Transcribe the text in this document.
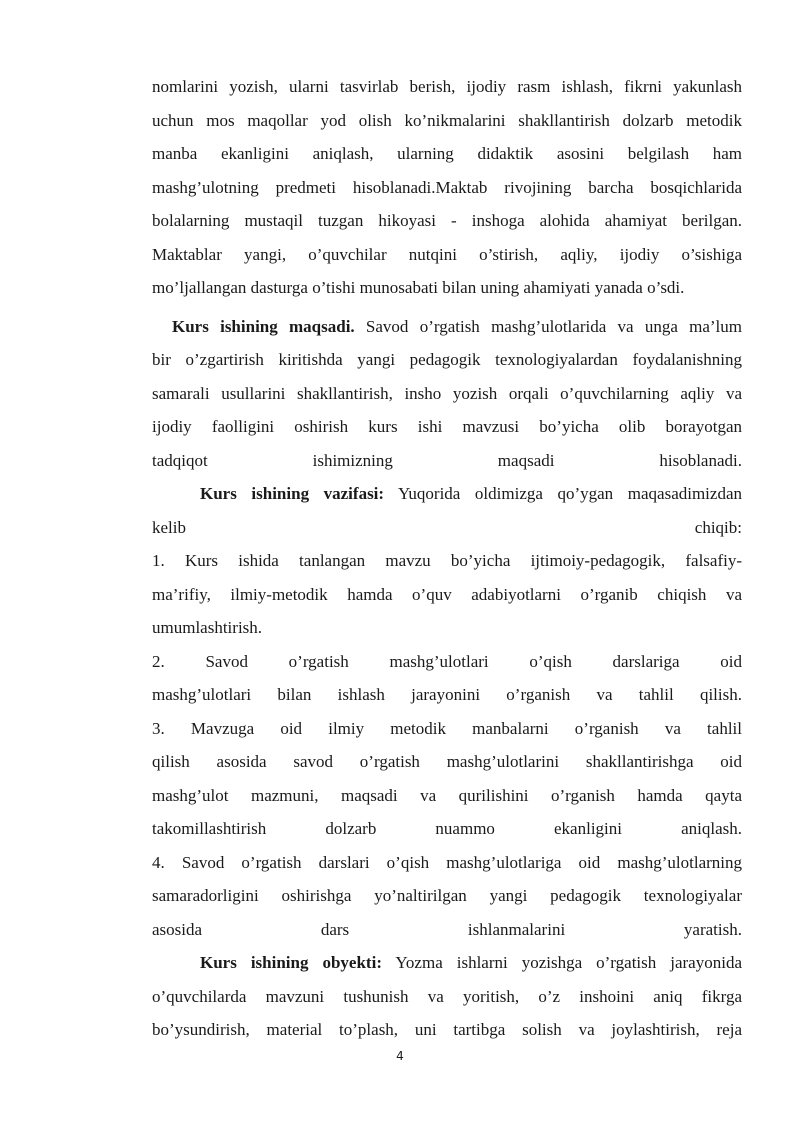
nomlarini yozish, ularni tasvirlab berish, ijodiy rasm ishlash, fikrni yakunlash

uchun mos maqollar yod olish ko’nikmalarini shakllantirish dolzarb metodik

manba ekanligini aniqlash, ularning didaktik asosini belgilash ham

mashg’ulotning predmeti hisoblanadi.Maktab rivojining barcha bosqichlarida

bolalarning mustaqil tuzgan hikoyasi - inshoga alohida ahamiyat berilgan.

Maktablar yangi, o’quvchilar nutqini o’stirish, aqliy, ijodiy o’sishiga

mo’ljallangan dasturga o’tishi munosabati bilan uning ahamiyati yanada o’sdi.

Kurs ishining maqsadi. Savod o’rgatish mashg’ulotlarida va unga ma’lum

bir o’zgartirish kiritishda yangi pedagogik texnologiyalardan foydalanishning

samarali usullarini shakllantirish, insho yozish orqali o’quvchilarning aqliy va

ijodiy faolligini oshirish kurs ishi mavzusi bo’yicha olib borayotgan

tadqiqot ishimizning maqsadi hisoblanadi.

Kurs ishining vazifasi: Yuqorida oldimizga qo’ygan maqasadimizdan

kelib chiqib:

1. Kurs ishida tanlangan mavzu bo’yicha ijtimoiy-pedagogik, falsafiy-

ma’rifiy, ilmiy-metodik hamda o’quv adabiyotlarni o’rganib chiqish va

umumlashtirish.

2. Savod o’rgatish mashg’ulotlari o’qish darslariga oid

mashg’ulotlari bilan ishlash jarayonini o’rganish va tahlil qilish.

3. Mavzuga oid ilmiy metodik manbalarni o’rganish va tahlil

qilish asosida savod o’rgatish mashg’ulotlarini shakllantirishga oid

mashg’ulot mazmuni, maqsadi va qurilishini o’rganish hamda qayta

takomillashtirish dolzarb nuammo ekanligini aniqlash.

4. Savod o’rgatish darslari o’qish mashg’ulotlariga oid mashg’ulotlarning

samaradorligini oshirishga yo’naltirilgan yangi pedagogik texnologiyalar

asosida dars ishlanmalarini yaratish.

Kurs ishining obyekti: Yozma ishlarni yozishga o’rgatish jarayonida

o’quvchilarda mavzuni tushunish va yoritish, o’z inshoini aniq fikrga

bo’ysundirish, material to’plash, uni tartibga solish va joylashtirish, reja

4
